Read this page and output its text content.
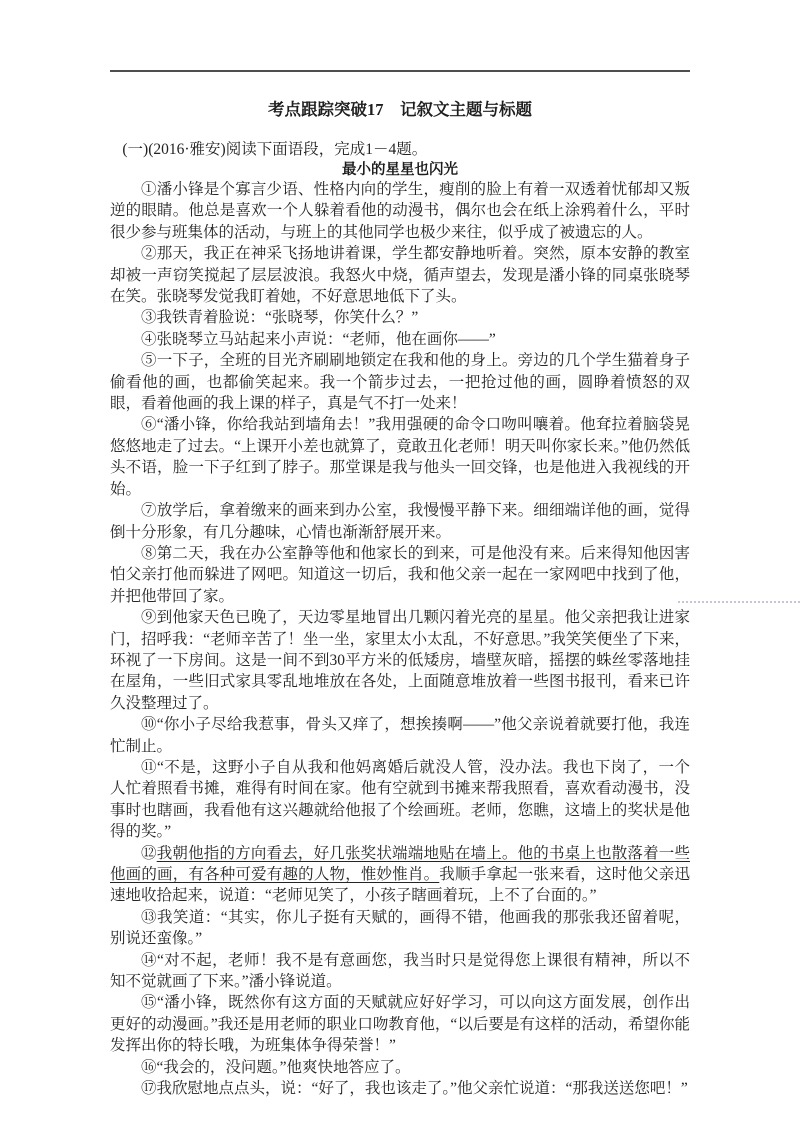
考点跟踪突破17　记叙文主题与标题

(一)(2016·雅安)阅读下面语段，完成1－4题。

最小的星星也闪光

①潘小锋是个寡言少语、性格内向的学生，瘦削的脸上有着一双透着忧郁却又叛逆的眼睛。他总是喜欢一个人躲着看他的动漫书，偶尔也会在纸上涂鸦着什么，平时很少参与班集体的活动，与班上的其他同学也极少来往，似乎成了被遗忘的人。

②那天，我正在神采飞扬地讲着课，学生都安静地听着。突然，原本安静的教室却被一声窃笑搅起了层层波浪。我怒火中烧，循声望去，发现是潘小锋的同桌张晓琴在笑。张晓琴发觉我盯着她，不好意思地低下了头。

③我铁青着脸说：“张晓琴，你笑什么？”

④张晓琴立马站起来小声说：“老师，他在画你——”

⑤一下子，全班的目光齐刷刷地锁定在我和他的身上。旁边的几个学生猫着身子偷看他的画，也都偷笑起来。我一个箭步过去，一把抢过他的画，圆睁着愤怒的双眼，看着他画的我上课的样子，真是气不打一处来！

⑥“潘小锋，你给我站到墙角去！”我用强硬的命令口吻叫嚷着。他耷拉着脑袋晃悠悠地走了过去。“上课开小差也就算了，竟敢丑化老师！明天叫你家长来。”他仍然低头不语，脸一下子红到了脖子。那堂课是我与他头一回交锋，也是他进入我视线的开始。

⑦放学后，拿着缴来的画来到办公室，我慢慢平静下来。细细端详他的画，觉得倒十分形象，有几分趣味，心情也渐渐舒展开来。

⑧第二天，我在办公室静等他和他家长的到来，可是他没有来。后来得知他因害怕父亲打他而躲进了网吧。知道这一切后，我和他父亲一起在一家网吧中找到了他，并把他带回了家。

⑨到他家天色已晚了，天边零星地冒出几颗闪着光亮的星星。他父亲把我让进家门，招呼我：“老师辛苦了！坐一坐，家里太小太乱，不好意思。”我笑笑便坐了下来，环视了一下房间。这是一间不到30平方米的低矮房，墙壁灰暗，摇摆的蛛丝零落地挂在屋角，一些旧式家具零乱地堆放在各处，上面随意堆放着一些图书报刊，看来已许久没整理过了。

⑩“你小子尽给我惹事，骨头又痒了，想挨揍啊——”他父亲说着就要打他，我连忙制止。

⑪“不是，这野小子自从我和他妈离婚后就没人管，没办法。我也下岗了，一个人忙着照看书摊，难得有时间在家。他有空就到书摊来帮我照看，喜欢看动漫书，没事时也瞎画，我看他有这兴趣就给他报了个绘画班。老师，您瞧，这墙上的奖状是他得的奖。”

⑫我朝他指的方向看去，好几张奖状端端地贴在墙上。他的书桌上也散落着一些他画的画，有各种可爱有趣的人物，惟妙惟肖。我顺手拿起一张来看，这时他父亲迅速地收拾起来，说道：“老师见笑了，小孩子瞎画着玩，上不了台面的。”

⑬我笑道：“其实，你儿子挺有天赋的，画得不错，他画我的那张我还留着呢，别说还蛮像。”

⑭“对不起，老师！我不是有意画您，我当时只是觉得您上课很有精神，所以不知不觉就画了下来。”潘小锋说道。

⑮“潘小锋，既然你有这方面的天赋就应好好学习，可以向这方面发展，创作出更好的动漫画。”我还是用老师的职业口吻教育他，“以后要是有这样的活动，希望你能发挥出你的特长哦，为班集体争得荣誉！”

⑯“我会的，没问题。”他爽快地答应了。

⑰我欣慰地点点头，说：“好了，我也该走了。”他父亲忙说道：“那我送送您吧！”
